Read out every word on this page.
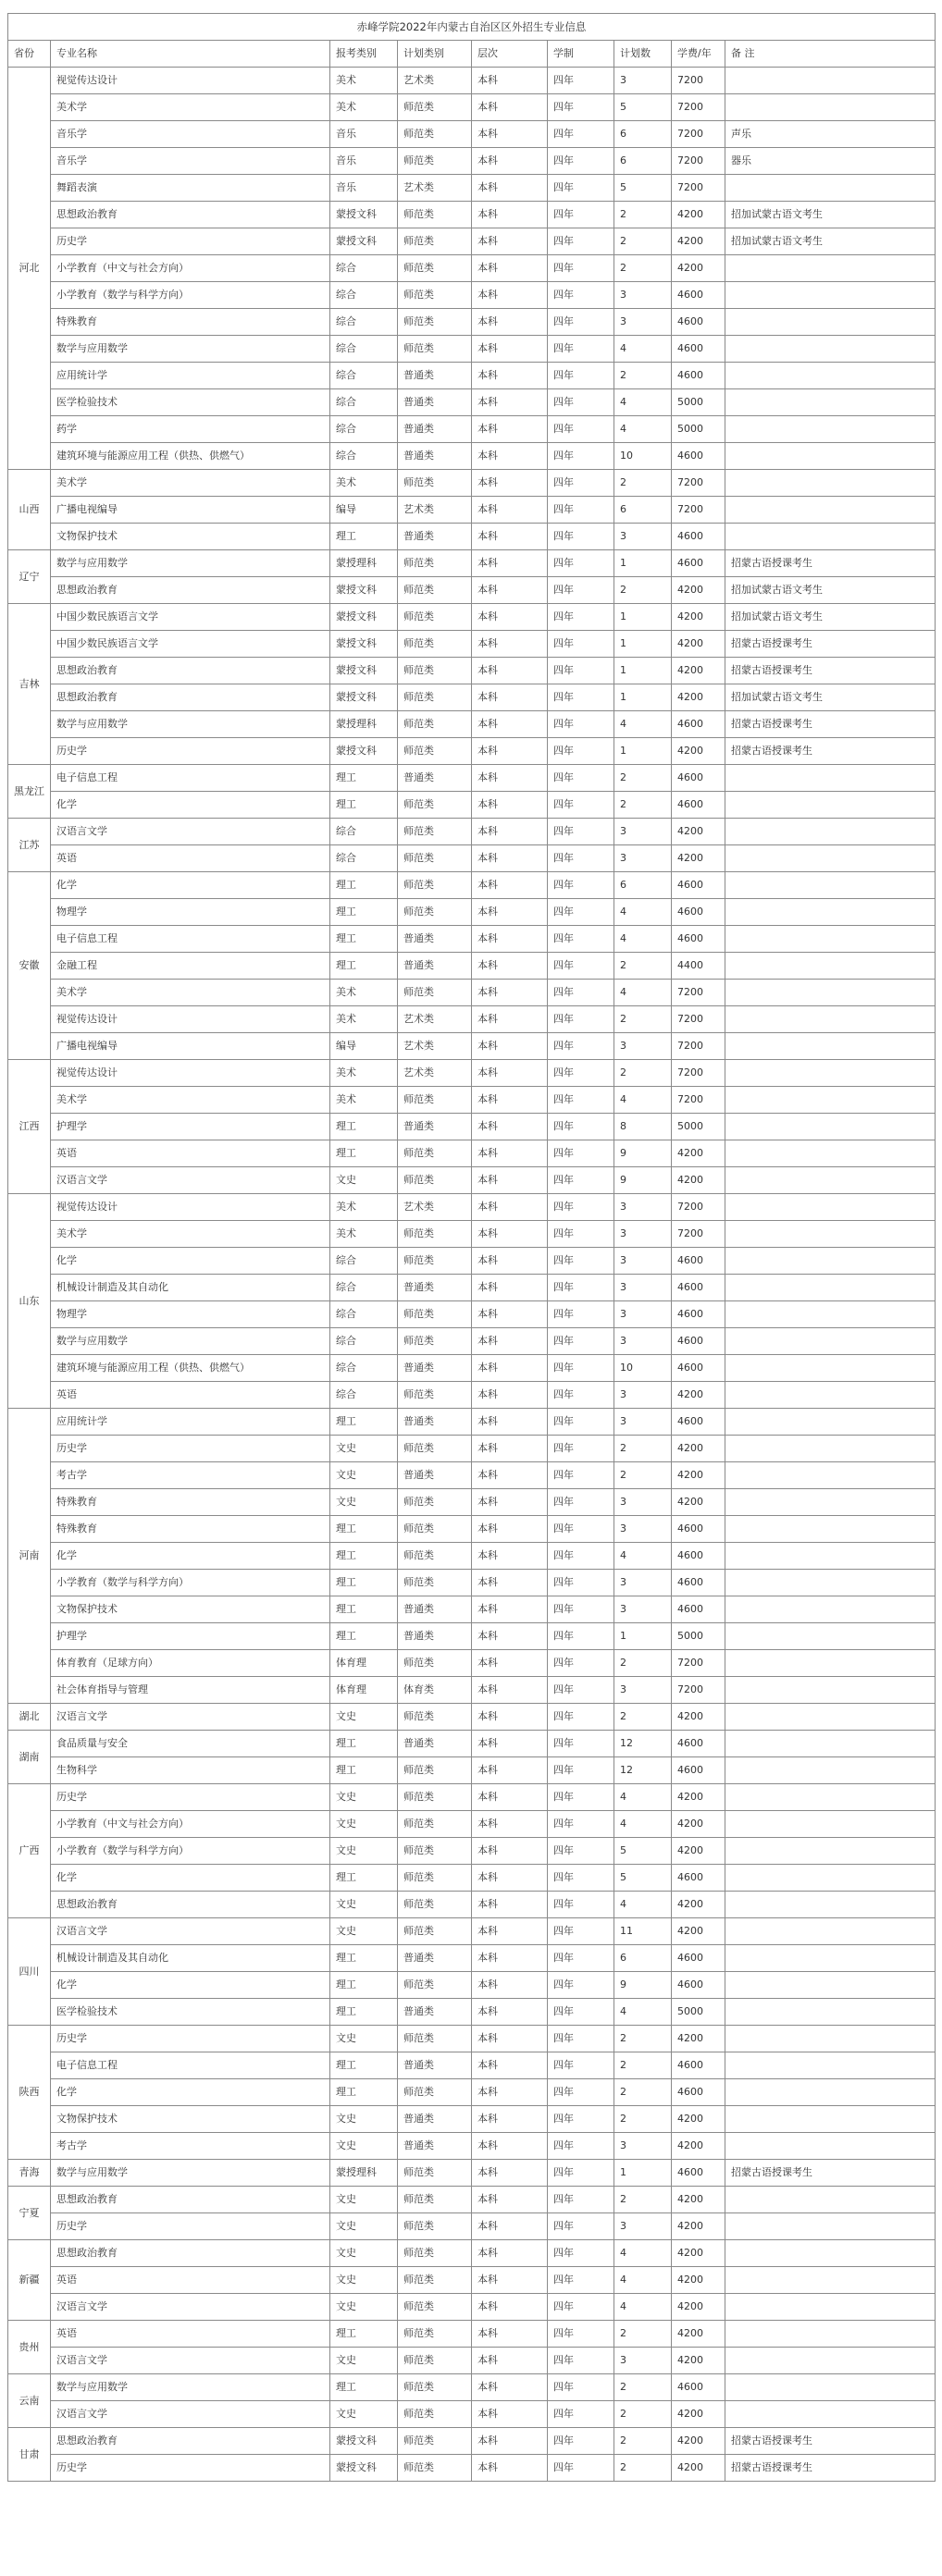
赤峰学院2022年内蒙古自治区区外招生专业信息								
省份	专业名称	报考类别	计划类别	层次	学制	计划数	学费/年	备 注
河北	视觉传达设计	美术	艺术类	本科	四年	3	7200	
	美术学	美术	师范类	本科	四年	5	7200	
	音乐学	音乐	师范类	本科	四年	6	7200	声乐
	音乐学	音乐	师范类	本科	四年	6	7200	器乐
	舞蹈表演	音乐	艺术类	本科	四年	5	7200	
	思想政治教育	蒙授文科	师范类	本科	四年	2	4200	招加试蒙古语文考生
	历史学	蒙授文科	师范类	本科	四年	2	4200	招加试蒙古语文考生
	小学教育（中文与社会方向）	综合	师范类	本科	四年	2	4200	
	小学教育（数学与科学方向）	综合	师范类	本科	四年	3	4600	
	特殊教育	综合	师范类	本科	四年	3	4600	
	数学与应用数学	综合	师范类	本科	四年	4	4600	
	应用统计学	综合	普通类	本科	四年	2	4600	
	医学检验技术	综合	普通类	本科	四年	4	5000	
	药学	综合	普通类	本科	四年	4	5000	
	建筑环境与能源应用工程（供热、供燃气）	综合	普通类	本科	四年	10	4600	
山西	美术学	美术	师范类	本科	四年	2	7200	
	广播电视编导	编导	艺术类	本科	四年	6	7200	
	文物保护技术	理工	普通类	本科	四年	3	4600	
辽宁	数学与应用数学	蒙授理科	师范类	本科	四年	1	4600	招蒙古语授课考生
	思想政治教育	蒙授文科	师范类	本科	四年	2	4200	招加试蒙古语文考生
吉林	中国少数民族语言文学	蒙授文科	师范类	本科	四年	1	4200	招加试蒙古语文考生
	中国少数民族语言文学	蒙授文科	师范类	本科	四年	1	4200	招蒙古语授课考生
	思想政治教育	蒙授文科	师范类	本科	四年	1	4200	招蒙古语授课考生
	思想政治教育	蒙授文科	师范类	本科	四年	1	4200	招加试蒙古语文考生
	数学与应用数学	蒙授理科	师范类	本科	四年	4	4600	招蒙古语授课考生
	历史学	蒙授文科	师范类	本科	四年	1	4200	招蒙古语授课考生
黑龙江	电子信息工程	理工	普通类	本科	四年	2	4600	
	化学	理工	师范类	本科	四年	2	4600	
江苏	汉语言文学	综合	师范类	本科	四年	3	4200	
	英语	综合	师范类	本科	四年	3	4200	
安徽	化学	理工	师范类	本科	四年	6	4600	
	物理学	理工	师范类	本科	四年	4	4600	
	电子信息工程	理工	普通类	本科	四年	4	4600	
	金融工程	理工	普通类	本科	四年	2	4400	
	美术学	美术	师范类	本科	四年	4	7200	
	视觉传达设计	美术	艺术类	本科	四年	2	7200	
	广播电视编导	编导	艺术类	本科	四年	3	7200	
江西	视觉传达设计	美术	艺术类	本科	四年	2	7200	
	美术学	美术	师范类	本科	四年	4	7200	
	护理学	理工	普通类	本科	四年	8	5000	
	英语	理工	师范类	本科	四年	9	4200	
	汉语言文学	文史	师范类	本科	四年	9	4200	
山东	视觉传达设计	美术	艺术类	本科	四年	3	7200	
	美术学	美术	师范类	本科	四年	3	7200	
	化学	综合	师范类	本科	四年	3	4600	
	机械设计制造及其自动化	综合	普通类	本科	四年	3	4600	
	物理学	综合	师范类	本科	四年	3	4600	
	数学与应用数学	综合	师范类	本科	四年	3	4600	
	建筑环境与能源应用工程（供热、供燃气）	综合	普通类	本科	四年	10	4600	
	英语	综合	师范类	本科	四年	3	4200	
河南	应用统计学	理工	普通类	本科	四年	3	4600	
	历史学	文史	师范类	本科	四年	2	4200	
	考古学	文史	普通类	本科	四年	2	4200	
	特殊教育	文史	师范类	本科	四年	3	4200	
	特殊教育	理工	师范类	本科	四年	3	4600	
	化学	理工	师范类	本科	四年	4	4600	
	小学教育（数学与科学方向）	理工	师范类	本科	四年	3	4600	
	文物保护技术	理工	普通类	本科	四年	3	4600	
	护理学	理工	普通类	本科	四年	1	5000	
	体育教育（足球方向）	体育理	师范类	本科	四年	2	7200	
	社会体育指导与管理	体育理	体育类	本科	四年	3	7200	
湖北	汉语言文学	文史	师范类	本科	四年	2	4200	
湖南	食品质量与安全	理工	普通类	本科	四年	12	4600	
	生物科学	理工	师范类	本科	四年	12	4600	
广西	历史学	文史	师范类	本科	四年	4	4200	
	小学教育（中文与社会方向）	文史	师范类	本科	四年	4	4200	
	小学教育（数学与科学方向）	文史	师范类	本科	四年	5	4200	
	化学	理工	师范类	本科	四年	5	4600	
	思想政治教育	文史	师范类	本科	四年	4	4200	
四川	汉语言文学	文史	师范类	本科	四年	11	4200	
	机械设计制造及其自动化	理工	普通类	本科	四年	6	4600	
	化学	理工	师范类	本科	四年	9	4600	
	医学检验技术	理工	普通类	本科	四年	4	5000	
陕西	历史学	文史	师范类	本科	四年	2	4200	
	电子信息工程	理工	普通类	本科	四年	2	4600	
	化学	理工	师范类	本科	四年	2	4600	
	文物保护技术	文史	普通类	本科	四年	2	4200	
	考古学	文史	普通类	本科	四年	3	4200	
青海	数学与应用数学	蒙授理科	师范类	本科	四年	1	4600	招蒙古语授课考生
宁夏	思想政治教育	文史	师范类	本科	四年	2	4200	
	历史学	文史	师范类	本科	四年	3	4200	
新疆	思想政治教育	文史	师范类	本科	四年	4	4200	
	英语	文史	师范类	本科	四年	4	4200	
	汉语言文学	文史	师范类	本科	四年	4	4200	
贵州	英语	理工	师范类	本科	四年	2	4200	
	汉语言文学	文史	师范类	本科	四年	3	4200	
云南	数学与应用数学	理工	师范类	本科	四年	2	4600	
	汉语言文学	文史	师范类	本科	四年	2	4200	
甘肃	思想政治教育	蒙授文科	师范类	本科	四年	2	4200	招蒙古语授课考生
	历史学	蒙授文科	师范类	本科	四年	2	4200	招蒙古语授课考生
